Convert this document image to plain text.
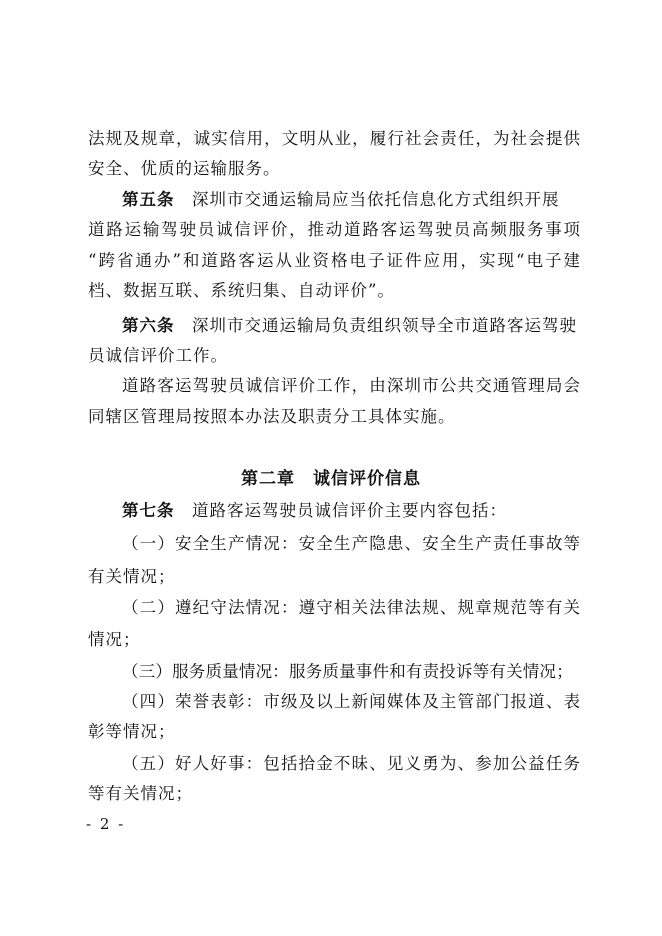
法规及规章，诚实信用，文明从业，履行社会责任，为社会提供
安全、优质的运输服务。
第五条　 深圳市交通运输局应当依托信息化方式组织开展
道路运输驾驶员诚信评价，推动道路客运驾驶员高频服务事项
“跨省通办”和道路客运从业资格电子证件应用，实现“电子建
档、数据互联、系统归集、自动评价”。
第六条　 深圳市交通运输局负责组织领导全市道路客运驾驶
员诚信评价工作。
道路客运驾驶员诚信评价工作，由深圳市公共交通管理局会
同辖区管理局按照本办法及职责分工具体实施。
第二章　诚信评价信息
第七条　 道路客运驾驶员诚信评价主要内容包括：
（一）安全生产情况：安全生产隐患、安全生产责任事故等
有关情况；
（二）遵纪守法情况：遵守相关法律法规、规章规范等有关
情况；
（三）服务质量情况：服务质量事件和有责投诉等有关情况；
（四）荣誉表彰：市级及以上新闻媒体及主管部门报道、表
彰等情况；
（五）好人好事：包括拾金不昧、见义勇为、参加公益任务
等有关情况；
- 2 -
